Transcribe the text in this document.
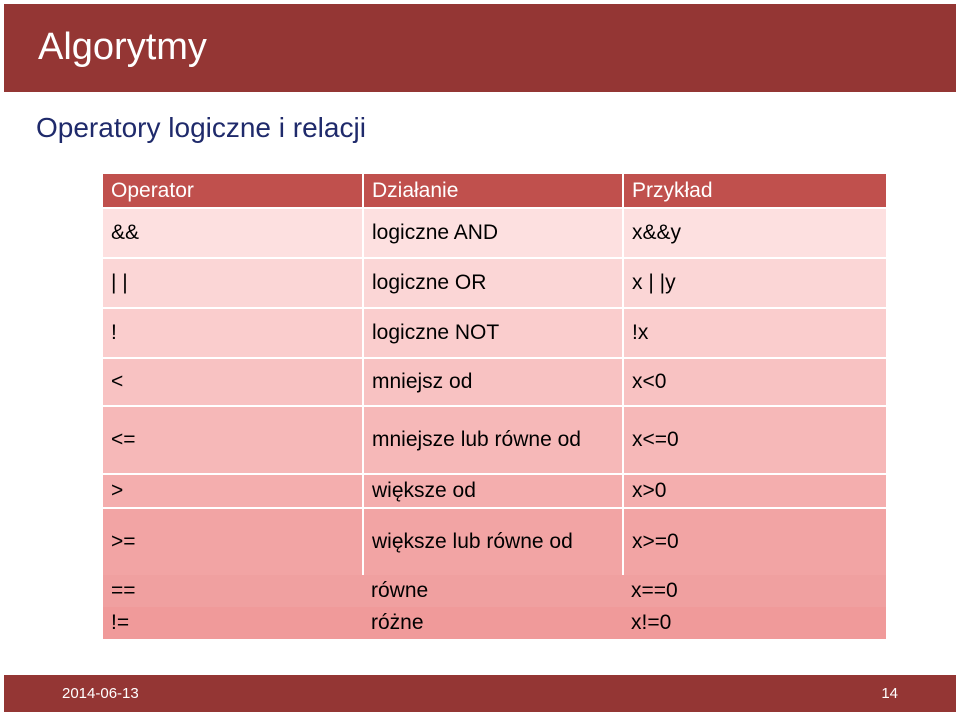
Algorytmy
Operatory logiczne i relacji
Operator	Działanie	Przykład
&&	logiczne AND	x&&y
| |	logiczne OR	x | |y
!	logiczne NOT	!x
<	mniejsz od	x<0
<=	mniejsze lub równe od	x<=0
>	większe od	x>0
>=	większe lub równe od	x>=0
==	równe	x==0
!=	różne	x!=0
2014-06-13	14
